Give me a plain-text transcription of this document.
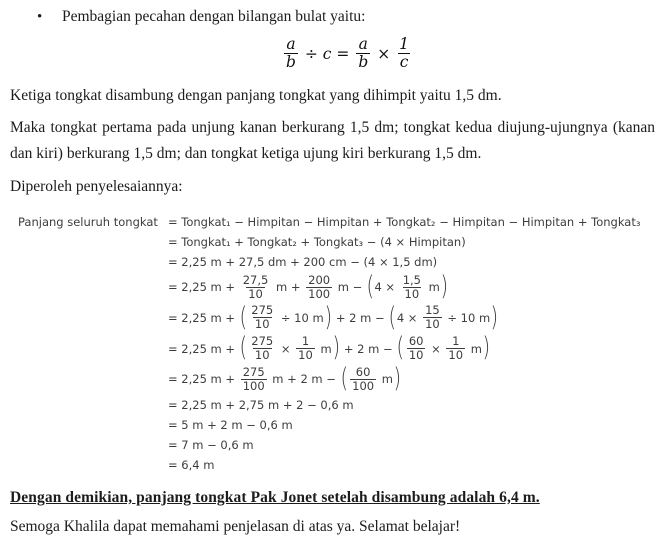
•	Pembagian pecahan dengan bilangan bulat yaitu:
$\frac{a}{b} \div c = \frac{a}{b} \times \frac{1}{c}$

Ketiga tongkat disambung dengan panjang tongkat yang dihimpit yaitu 1,5 dm.

Maka tongkat pertama pada unjung kanan berkurang 1,5 dm; tongkat kedua diujung-ujungnya (kanan dan kiri) berkurang 1,5 dm; dan tongkat ketiga ujung kiri berkurang 1,5 dm.

Diperoleh penyelesaiannya:

Panjang seluruh tongkat = Tongkat₁ − Himpitan − Himpitan + Tongkat₂ − Himpitan − Himpitan + Tongkat₃
= Tongkat₁ + Tongkat₂ + Tongkat₃ − (4 × Himpitan)
= 2,25 m + 27,5 dm + 200 cm − (4 × 1,5 dm)
= 2,25 $m + \frac{27,5}{10}$ $m + \frac{200}{100}$ m − ( $4 \times \frac{1,5}{10}$ m )
= 2,25 m + ( $\frac{275}{10} \div 10$ m ) + 2 m − ( $4 \times \frac{15}{10} \div 10$ m )
= 2,25 m + ( $\frac{275}{10} \times \frac{1}{10}$ m ) + 2 m − ( $\frac{60}{10} \times \frac{1}{10}$ m )
= 2,25 $m + \frac{275}{100}$ m + 2 m − ( $\frac{60}{100}$ m )
= 2,25 m + 2,75 m + 2 − 0,6 m
= 5 m + 2 m − 0,6 m
= 7 m − 0,6 m
= 6,4 m

Dengan demikian, panjang tongkat Pak Jonet setelah disambung adalah 6,4 m.

Semoga Khalila dapat memahami penjelasan di atas ya. Selamat belajar!
